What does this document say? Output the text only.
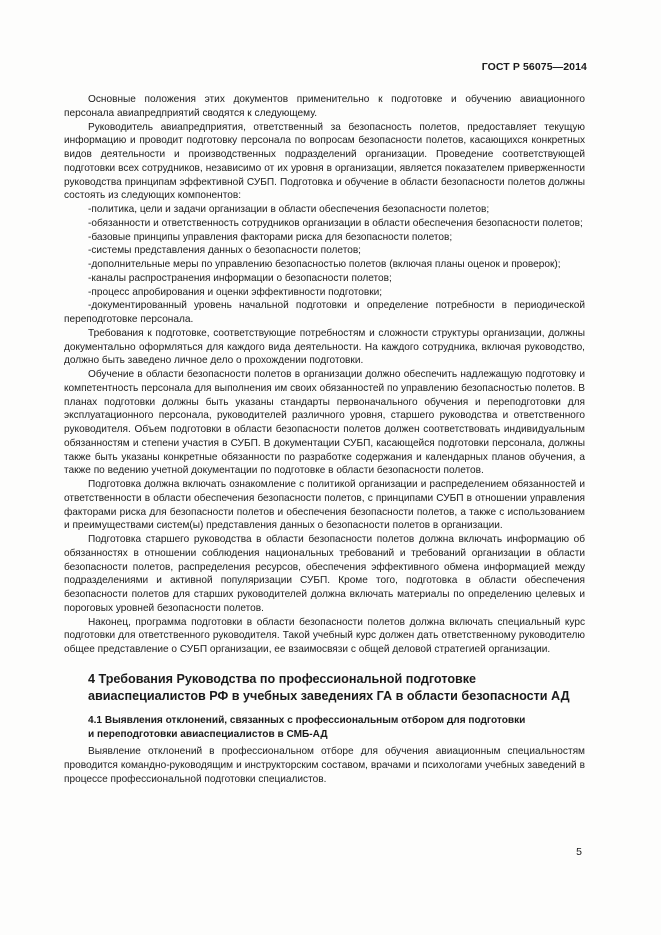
ГОСТ Р 56075—2014

Основные положения этих документов применительно к подготовке и обучению авиационного персонала авиапредприятий сводятся к следующему.

Руководитель авиапредприятия, ответственный за безопасность полетов, предоставляет текущую информацию и проводит подготовку персонала по вопросам безопасности полетов, касающихся конкретных видов деятельности и производственных подразделений организации. Проведение соответствующей подготовки всех сотрудников, независимо от их уровня в организации, является показателем приверженности руководства принципам эффективной СУБП. Подготовка и обучение в области безопасности полетов должны состоять из следующих компонентов:

-политика, цели и задачи организации в области обеспечения безопасности полетов;

-обязанности и ответственность сотрудников организации в области обеспечения безопасности полетов;

-базовые принципы управления факторами риска для безопасности полетов;

-системы представления данных о безопасности полетов;

-дополнительные меры по управлению безопасностью полетов (включая планы оценок и проверок);

-каналы распространения информации о безопасности полетов;

-процесс апробирования и оценки эффективности подготовки;

-документированный уровень начальной подготовки и определение потребности в периодической переподготовке персонала.

Требования к подготовке, соответствующие потребностям и сложности структуры организации, должны документально оформляться для каждого вида деятельности. На каждого сотрудника, включая руководство, должно быть заведено личное дело о прохождении подготовки.

Обучение в области безопасности полетов в организации должно обеспечить надлежащую подготовку и компетентность персонала для выполнения им своих обязанностей по управлению безопасностью полетов. В планах подготовки должны быть указаны стандарты первоначального обучения и переподготовки для эксплуатационного персонала, руководителей различного уровня, старшего руководства и ответственного руководителя. Объем подготовки в области безопасности полетов должен соответствовать индивидуальным обязанностям и степени участия в СУБП. В документации СУБП, касающейся подготовки персонала, должны также быть указаны конкретные обязанности по разработке содержания и календарных планов обучения, а также по ведению учетной документации по подготовке в области безопасности полетов.

Подготовка должна включать ознакомление с политикой организации и распределением обязанностей и ответственности в области обеспечения безопасности полетов, с принципами СУБП в отношении управления факторами риска для безопасности полетов и обеспечения безопасности полетов, а также с использованием и преимуществами систем(ы) представления данных о безопасности полетов в организации.

Подготовка старшего руководства в области безопасности полетов должна включать информацию об обязанностях в отношении соблюдения национальных требований и требований организации в области безопасности полетов, распределения ресурсов, обеспечения эффективного обмена информацией между подразделениями и активной популяризации СУБП. Кроме того, подготовка в области обеспечения безопасности полетов для старших руководителей должна включать материалы по определению целевых и пороговых уровней безопасности полетов.

Наконец, программа подготовки в области безопасности полетов должна включать специальный курс подготовки для ответственного руководителя. Такой учебный курс должен дать ответственному руководителю общее представление о СУБП организации, ее взаимосвязи с общей деловой стратегией организации.

4 Требования Руководства по профессиональной подготовке
авиаспециалистов РФ в учебных заведениях ГА в области безопасности АД
4.1 Выявления отклонений, связанных с профессиональным отбором для подготовки
и переподготовки авиаспециалистов в СМБ-АД

Выявление отклонений в профессиональном отборе для обучения авиационным специальностям проводится командно-руководящим и инструкторским составом, врачами и психологами учебных заведений в процессе профессиональной подготовки специалистов.

5
